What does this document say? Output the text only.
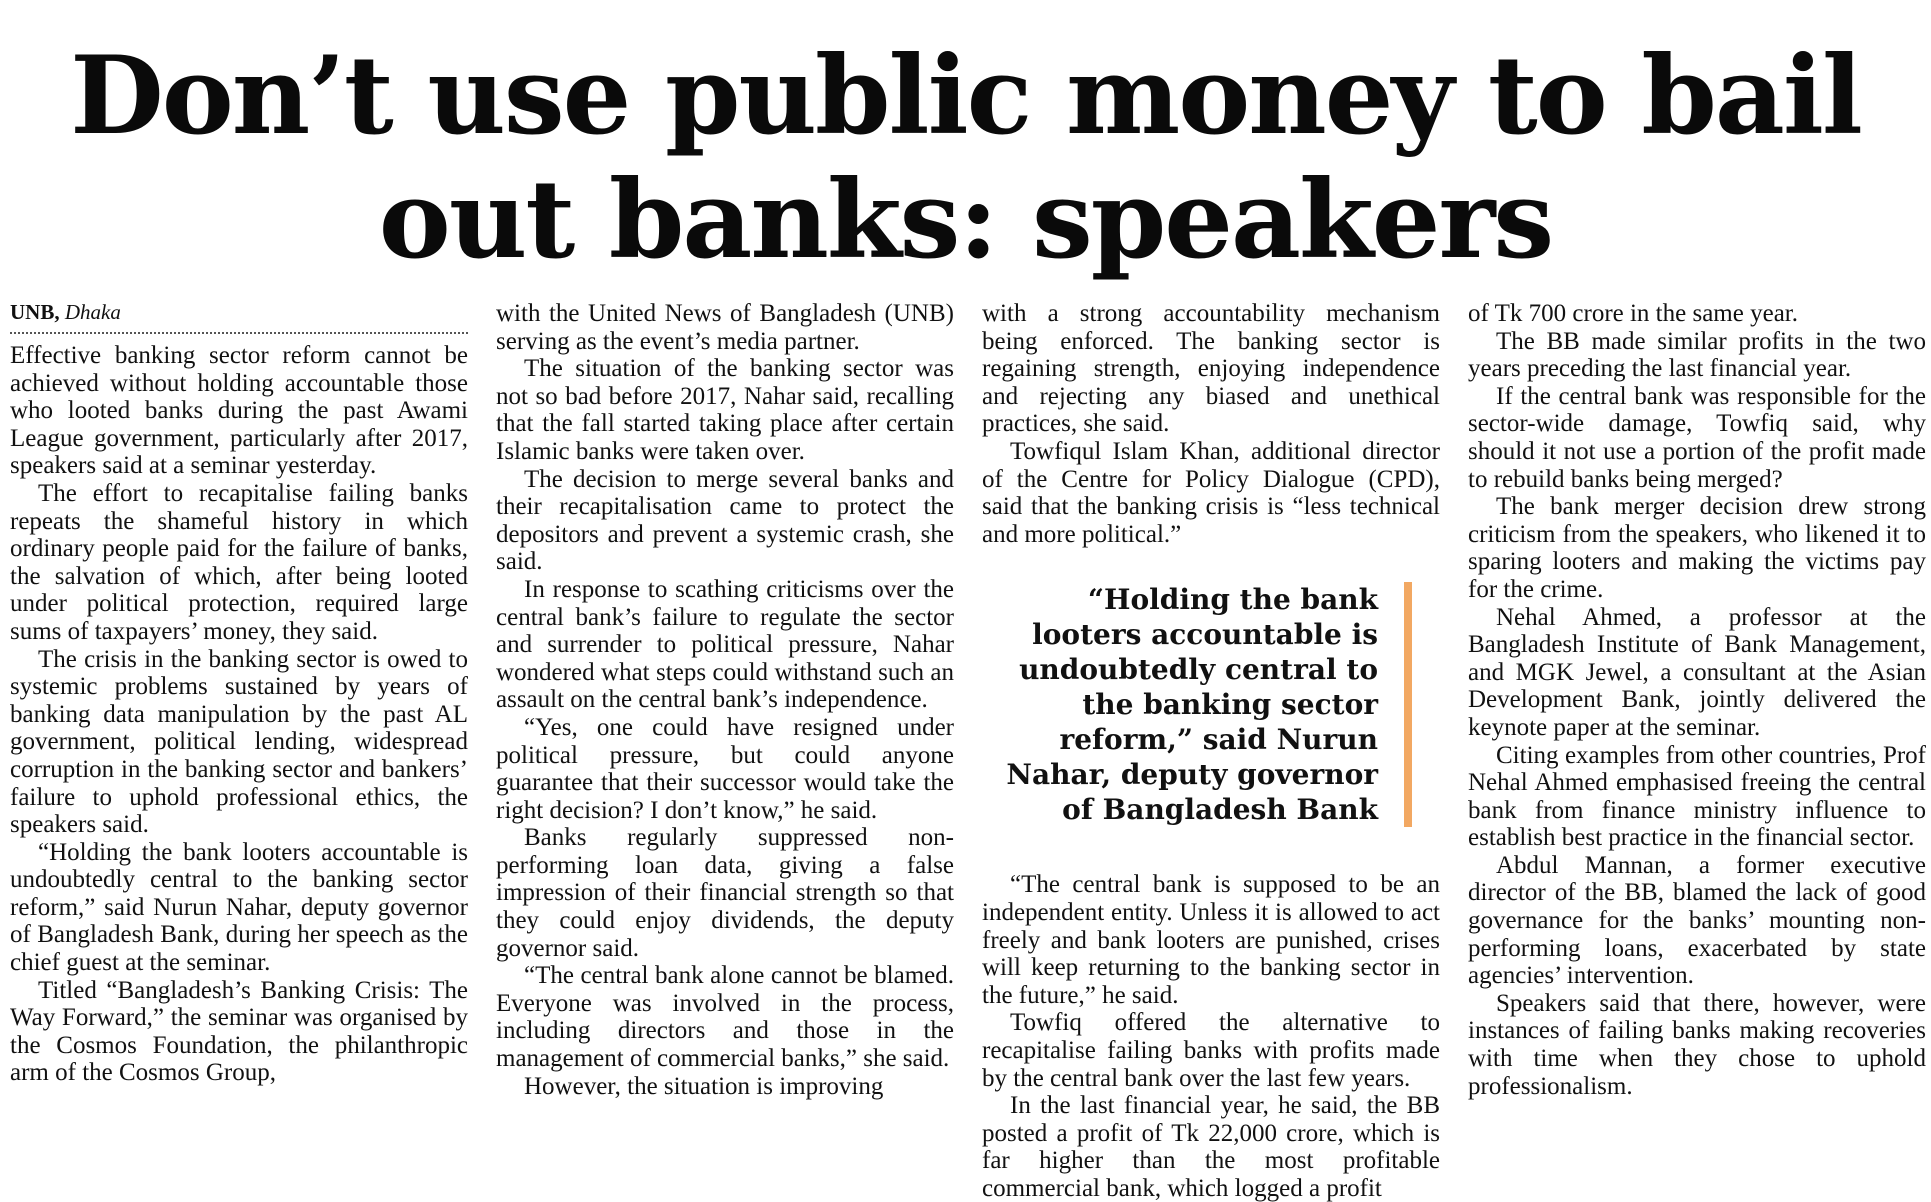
Don’t use public money to bail out banks: speakers
UNB, Dhaka

Effective banking sector reform cannot be achieved without holding accountable those who looted banks during the past Awami League government, particularly after 2017, speakers said at a seminar yesterday.

The effort to recapitalise failing banks repeats the shameful history in which ordinary people paid for the failure of banks, the salvation of which, after being looted under political protection, required large sums of taxpayers’ money, they said.

The crisis in the banking sector is owed to systemic problems sustained by years of banking data manipulation by the past AL government, political lending, widespread corruption in the banking sector and bankers’ failure to uphold professional ethics, the speakers said.

“Holding the bank looters accountable is undoubtedly central to the banking sector reform,” said Nurun Nahar, deputy governor of Bangladesh Bank, during her speech as the chief guest at the seminar.

Titled “Bangladesh’s Banking Crisis: The Way Forward,” the seminar was organised by the Cosmos Foundation, the philanthropic arm of the Cosmos Group,

with the United News of Bangladesh (UNB) serving as the event’s media partner.

The situation of the banking sector was not so bad before 2017, Nahar said, recalling that the fall started taking place after certain Islamic banks were taken over.

The decision to merge several banks and their recapitalisation came to protect the depositors and prevent a systemic crash, she said.

In response to scathing criticisms over the central bank’s failure to regulate the sector and surrender to political pressure, Nahar wondered what steps could withstand such an assault on the central bank’s independence.

“Yes, one could have resigned under political pressure, but could anyone guarantee that their successor would take the right decision? I don’t know,” he said.

Banks regularly suppressed non-performing loan data, giving a false impression of their financial strength so that they could enjoy dividends, the deputy governor said.

“The central bank alone cannot be blamed. Everyone was involved in the process, including directors and those in the management of commercial banks,” she said.

However, the situation is improving

with a strong accountability mechanism being enforced. The banking sector is regaining strength, enjoying independence and rejecting any biased and unethical practices, she said.

Towfiqul Islam Khan, additional director of the Centre for Policy Dialogue (CPD), said that the banking crisis is “less technical and more political.”

“Holding the bank looters accountable is undoubtedly central to the banking sector reform,” said Nurun Nahar, deputy governor of Bangladesh Bank

“The central bank is supposed to be an independent entity. Unless it is allowed to act freely and bank looters are punished, crises will keep returning to the banking sector in the future,” he said.

Towfiq offered the alternative to recapitalise failing banks with profits made by the central bank over the last few years.

In the last financial year, he said, the BB posted a profit of Tk 22,000 crore, which is far higher than the most profitable commercial bank, which logged a profit

of Tk 700 crore in the same year.

The BB made similar profits in the two years preceding the last financial year.

If the central bank was responsible for the sector-wide damage, Towfiq said, why should it not use a portion of the profit made to rebuild banks being merged?

The bank merger decision drew strong criticism from the speakers, who likened it to sparing looters and making the victims pay for the crime.

Nehal Ahmed, a professor at the Bangladesh Institute of Bank Management, and MGK Jewel, a consultant at the Asian Development Bank, jointly delivered the keynote paper at the seminar.

Citing examples from other countries, Prof Nehal Ahmed emphasised freeing the central bank from finance ministry influence to establish best practice in the financial sector.

Abdul Mannan, a former executive director of the BB, blamed the lack of good governance for the banks’ mounting non-performing loans, exacerbated by state agencies’ intervention.

Speakers said that there, however, were instances of failing banks making recoveries with time when they chose to uphold professionalism.
